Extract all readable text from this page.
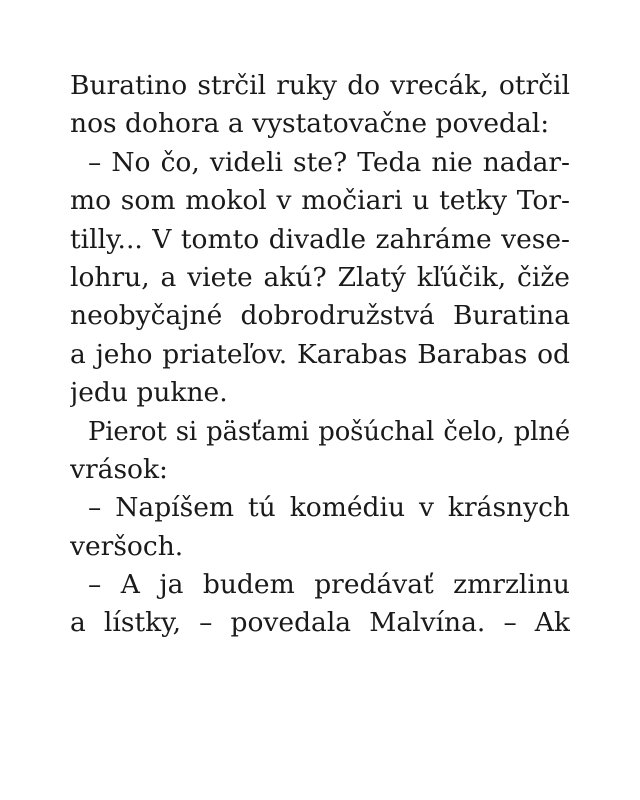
Buratino strčil ruky do vrecák, otrčil
nos dohora a vystatovačne povedal:
– No čo, videli ste? Teda nie nadar-
mo som mokol v močiari u tetky Tor-
tilly... V tomto divadle zahráme vese-
lohru, a viete akú? Zlatý kľúčik, čiže
neobyčajné dobrodružstvá Buratina
a jeho priateľov. Karabas Barabas od
jedu pukne.
Pierot si päsťami pošúchal čelo, plné
vrások:
– Napíšem tú komédiu v krásnych
veršoch.
– A ja budem predávať zmrzlinu
a lístky, – povedala Malvína. – Ak
